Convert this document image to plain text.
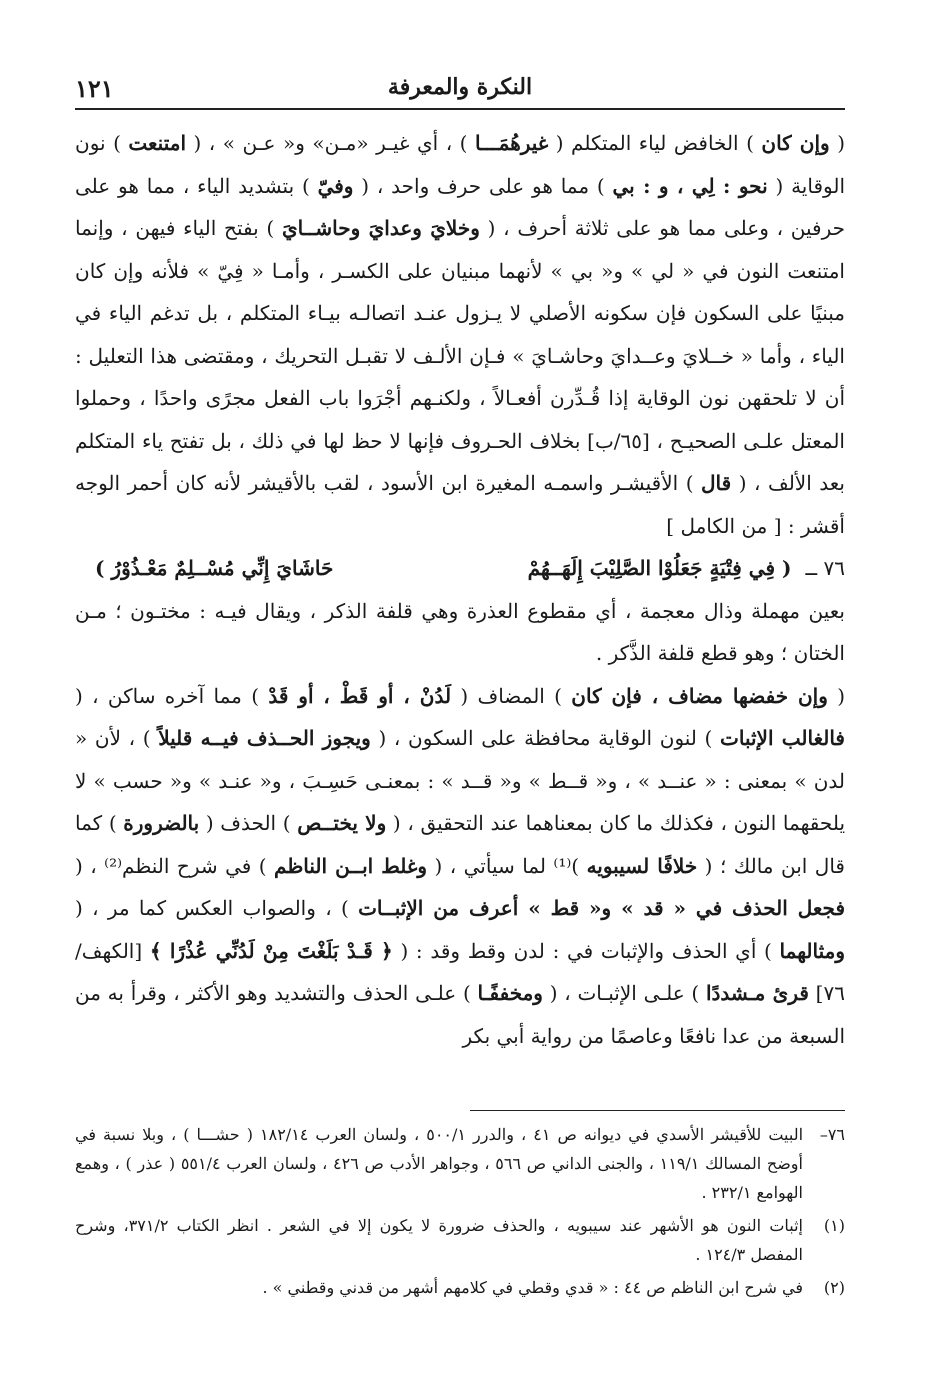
النكرة والمعرفة
١٢١

( وإن كان ) الخافض لياء المتكلم ( غيرهُمَـــا ) ، أي غيـر «مـن» و« عـن » ، ( امتنعت ) نون الوقاية ( نحو : لِي ، و : بي ) مما هو على حرف واحد ، ( وفيّ ) بتشديد الياء ، مما هو على حرفين ، وعلى مما هو على ثلاثة أحرف ، ( وخلايَ وعدايَ وحاشــايَ ) بفتح الياء فيهن ، وإنما امتنعت النون في « لي » و« بي » لأنهما مبنيان على الكسـر ، وأمـا « فِيّ » فلأنه وإن كان مبنيًا على السكون فإن سكونه الأصلي لا يـزول عنـد اتصالـه بيـاء المتكلم ، بل تدغم الياء في الياء ، وأما « خــلايَ وعــدايَ وحاشـايَ » فـإن الألـف لا تقبـل التحريك ، ومقتضى هذا التعليل : أن لا تلحقهن نون الوقاية إذا قُـدِّرن أفعـالاً ، ولكنـهم أجْرَوا باب الفعل مجرًى واحدًا ، وحملوا المعتل علـى الصحيـح ، [٦٥/ب] بخلاف الحـروف فإنها لا حظ لها في ذلك ، بل تفتح ياء المتكلم بعد الألف ، ( قال ) الأقيشـر واسمـه المغيرة ابن الأسود ، لقب بالأقيشر لأنه كان أحمر الوجه أقشر : [ من الكامل ]

٧٦ ــ
( فِي فِتْيَةٍ جَعَلُوْا الصَّلِيْبَ إِلَهَــهُمْ
حَاشَايَ إِنِّي مُسْــلِمٌ مَعْـذُوْرُ )

بعين مهملة وذال معجمة ، أي مقطوع العذرة وهي قلفة الذكر ، ويقال فيـه : مختـون ؛ مـن الختان ؛ وهو قطع قلفة الذَّكر .

( وإن خفضها مضاف ، فإن كان ) المضاف ( لَدُنْ ، أو قَطْ ، أو قَدْ ) مما آخره ساكن ، ( فالغالب الإثبات ) لنون الوقاية محافظة على السكون ، ( ويجوز الحــذف فيــه قليلاً ) ، لأن « لدن » بمعنى : « عنــد » ، و« قــط » و« قــد » : بمعنـى حَسِـبَ ، و« عنـد » و« حسب » لا يلحقهما النون ، فكذلك ما كان بمعناهما عند التحقيق ، ( ولا يختــص ) الحذف ( بالضرورة ) كما قال ابن مالك ؛ ( خلافًا لسيبويه )⁽¹⁾ لما سيأتي ، ( وغلط ابــن الناظم ) في شرح النظم⁽²⁾ ، ( فجعل الحذف في « قد » و« قط » أعرف من الإثبــات ) ، والصواب العكس كما مر ، ( ومثالهما ) أي الحذف والإثبات في : لدن وقط وقد : ( ﴿ قَـدْ بَلَغْتَ مِنْ لَدُنِّي عُذْرًا ﴾ [الكهف/٧٦] قرئ مـشددًا ) علـى الإثبـات ، ( ومخففًـا ) علـى الحذف والتشديد وهو الأكثر ، وقرأ به من السبعة من عدا نافعًا وعاصمًا من رواية أبي بكر

٧٦–
البيت للأقيشر الأسدي في ديوانه ص ٤١ ، والدرر ٥٠٠/١ ، ولسان العرب ١٨٢/١٤ ( حشـــا ) ، وبلا نسبة في أوضح المسالك ١١٩/١ ، والجنى الداني ص ٥٦٦ ، وجواهر الأدب ص ٤٢٦ ، ولسان العرب ٥٥١/٤ ( عذر ) ، وهمع الهوامع ٢٣٢/١ .
(١)
إثبات النون هو الأشهر عند سيبويه ، والحذف ضرورة لا يكون إلا في الشعر . انظر الكتاب ٣٧١/٢، وشرح المفصل ١٢٤/٣ .
(٢)
في شرح ابن الناظم ص ٤٤ : « قدي وقطي في كلامهم أشهر من قدني وقطني » .
